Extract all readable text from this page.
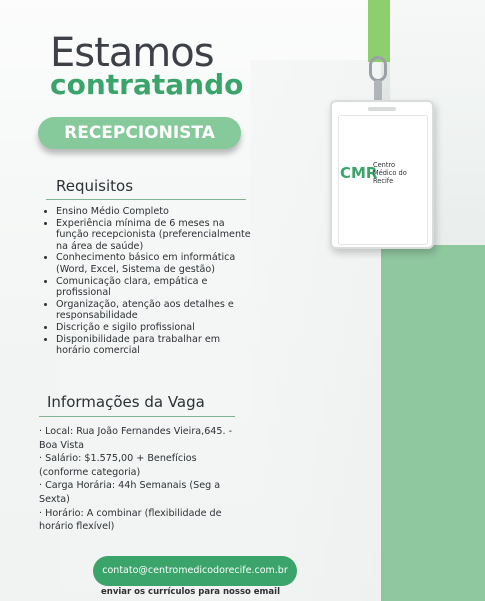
Estamos
contratando
RECEPCIONISTA
Requisitos
• Ensino Médio Completo
• Experiência mínima de 6 meses na função recepcionista (preferencialmente na área de saúde)
• Conhecimento básico em informática (Word, Excel, Sistema de gestão)
• Comunicação clara, empática e profissional
• Organização, atenção aos detalhes e responsabilidade
• Discrição e sigilo profissional
• Disponibilidade para trabalhar em horário comercial
Informações da Vaga
· Local: Rua João Fernandes Vieira,645. - Boa Vista
· Salário: $1.575,00 + Benefícios (conforme categoria)
· Carga Horária: 44h Semanais (Seg a Sexta)
· Horário: A combinar (flexibilidade de horário flexível)
contato@centromedicodorecife.com.br
enviar os currículos para nosso email
CMR
Centro
Médico do
Recife
